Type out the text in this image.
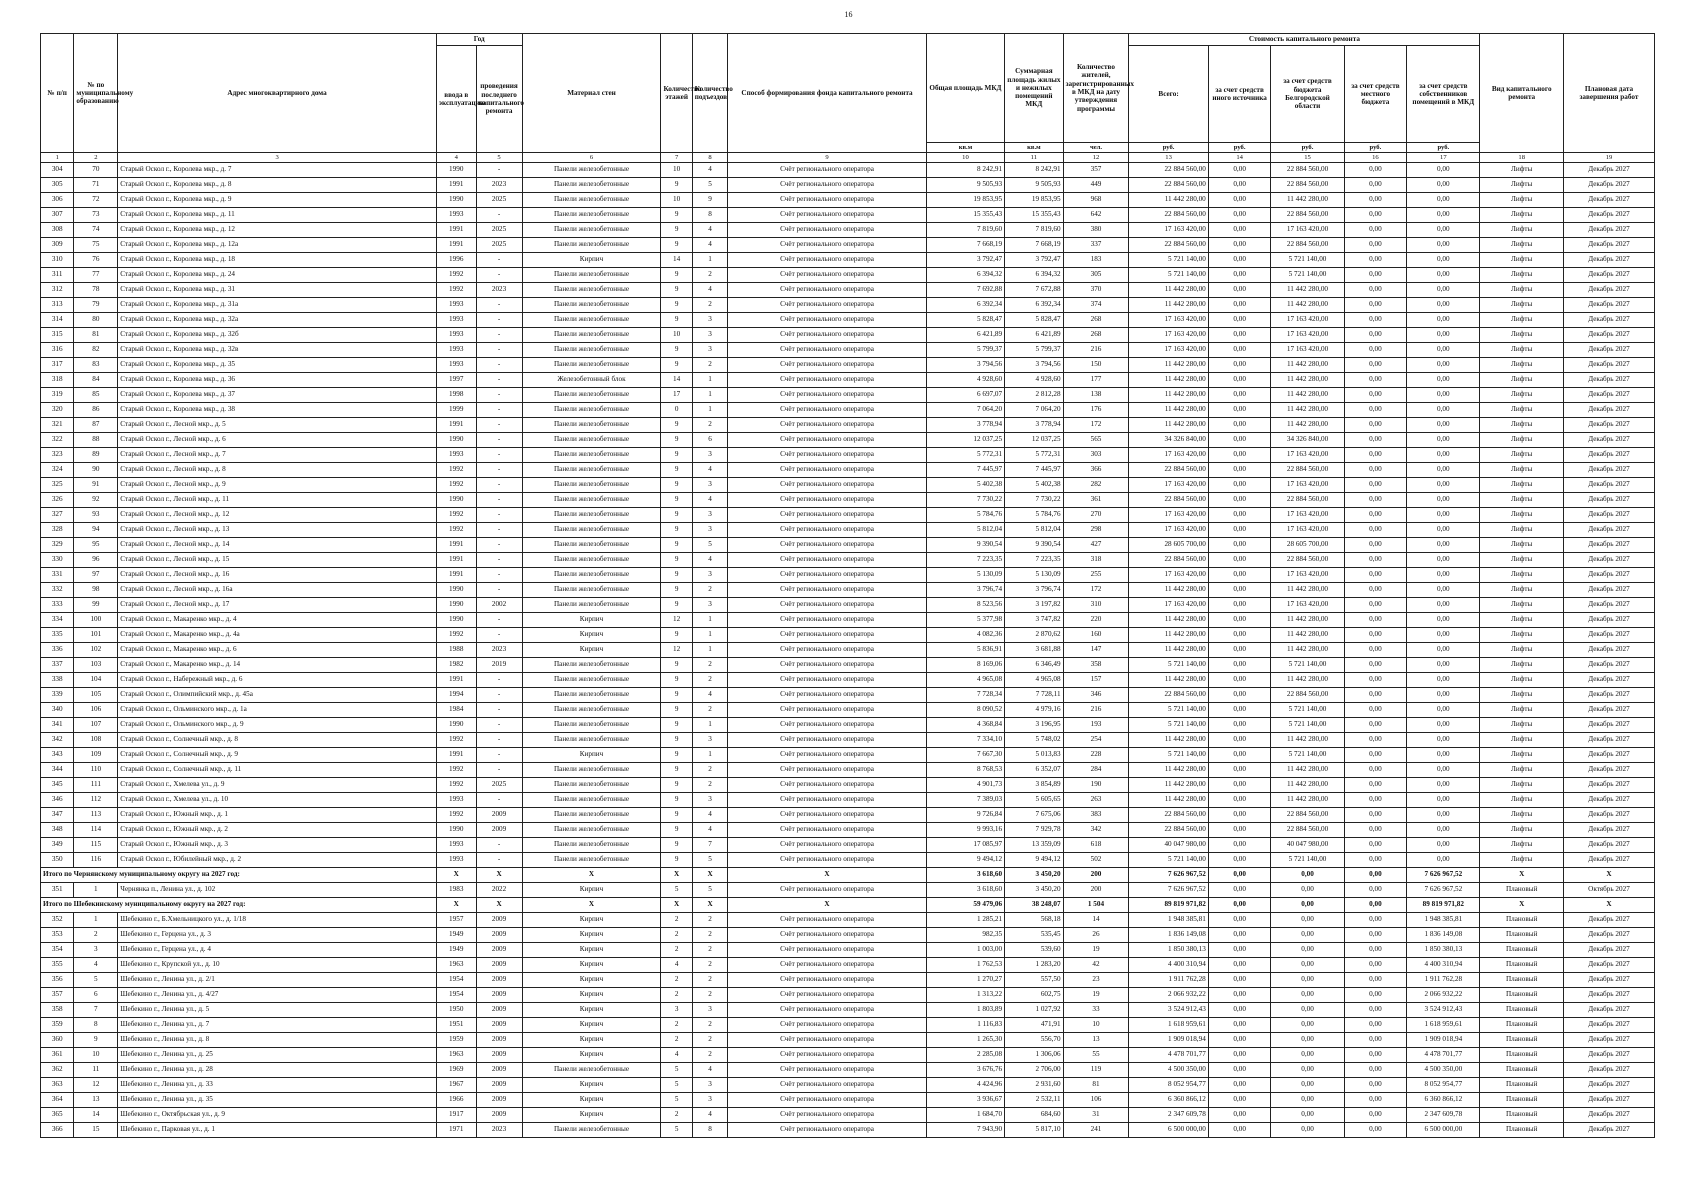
16
№ п/п	№ по муниципальному образованию	Адрес многоквартирного дома	Год		Материал стен	Количество этажей	Количество подъездов	Способ формирования фонда капитального ремонта	Общая площадь МКД	Суммарная площадь жилых и нежилых помещений МКД	Количество жителей, зарегистрированных в МКД на дату утверждения программы	Стоимость капитального ремонта					Вид капитального ремонта	Плановая дата завершения работ
			ввода в эксплуатацию	проведения последнего капитального ремонта								Всего:	за счет средств иного источника	за счет средств бюджета Белгородской области	за счет средств местного бюджета	за счет средств собственников помещений в МКД		
									кв.м	кв.м	чел.	руб.	руб.	руб.	руб.	руб.		
1	2	3	4	5	6	7	8	9	10	11	12	13	14	15	16	17	18	19
304	70	Старый Оскол г., Королева мкр., д. 7	1990	-	Панели железобетонные	10	4	Счёт регионального оператора	8 242,91	8 242,91	357	22 884 560,00	0,00	22 884 560,00	0,00	0,00	Лифты	Декабрь 2027
305	71	Старый Оскол г., Королева мкр., д. 8	1991	2023	Панели железобетонные	9	5	Счёт регионального оператора	9 505,93	9 505,93	449	22 884 560,00	0,00	22 884 560,00	0,00	0,00	Лифты	Декабрь 2027
306	72	Старый Оскол г., Королева мкр., д. 9	1990	2025	Панели железобетонные	10	9	Счёт регионального оператора	19 853,95	19 853,95	968	11 442 280,00	0,00	11 442 280,00	0,00	0,00	Лифты	Декабрь 2027
307	73	Старый Оскол г., Королева мкр., д. 11	1993	-	Панели железобетонные	9	8	Счёт регионального оператора	15 355,43	15 355,43	642	22 884 560,00	0,00	22 884 560,00	0,00	0,00	Лифты	Декабрь 2027
308	74	Старый Оскол г., Королева мкр., д. 12	1991	2025	Панели железобетонные	9	4	Счёт регионального оператора	7 819,60	7 819,60	380	17 163 420,00	0,00	17 163 420,00	0,00	0,00	Лифты	Декабрь 2027
309	75	Старый Оскол г., Королева мкр., д. 12а	1991	2025	Панели железобетонные	9	4	Счёт регионального оператора	7 668,19	7 668,19	337	22 884 560,00	0,00	22 884 560,00	0,00	0,00	Лифты	Декабрь 2027
310	76	Старый Оскол г., Королева мкр., д. 18	1996	-	Кирпич	14	1	Счёт регионального оператора	3 792,47	3 792,47	183	5 721 140,00	0,00	5 721 140,00	0,00	0,00	Лифты	Декабрь 2027
311	77	Старый Оскол г., Королева мкр., д. 24	1992	-	Панели железобетонные	9	2	Счёт регионального оператора	6 394,32	6 394,32	305	5 721 140,00	0,00	5 721 140,00	0,00	0,00	Лифты	Декабрь 2027
312	78	Старый Оскол г., Королева мкр., д. 31	1992	2023	Панели железобетонные	9	4	Счёт регионального оператора	7 692,88	7 672,88	370	11 442 280,00	0,00	11 442 280,00	0,00	0,00	Лифты	Декабрь 2027
313	79	Старый Оскол г., Королева мкр., д. 31а	1993	-	Панели железобетонные	9	2	Счёт регионального оператора	6 392,34	6 392,34	374	11 442 280,00	0,00	11 442 280,00	0,00	0,00	Лифты	Декабрь 2027
314	80	Старый Оскол г., Королева мкр., д. 32а	1993	-	Панели железобетонные	9	3	Счёт регионального оператора	5 828,47	5 828,47	268	17 163 420,00	0,00	17 163 420,00	0,00	0,00	Лифты	Декабрь 2027
315	81	Старый Оскол г., Королева мкр., д. 32б	1993	-	Панели железобетонные	10	3	Счёт регионального оператора	6 421,89	6 421,89	268	17 163 420,00	0,00	17 163 420,00	0,00	0,00	Лифты	Декабрь 2027
316	82	Старый Оскол г., Королева мкр., д. 32в	1993	-	Панели железобетонные	9	3	Счёт регионального оператора	5 799,37	5 799,37	216	17 163 420,00	0,00	17 163 420,00	0,00	0,00	Лифты	Декабрь 2027
317	83	Старый Оскол г., Королева мкр., д. 35	1993	-	Панели железобетонные	9	2	Счёт регионального оператора	3 794,56	3 794,56	150	11 442 280,00	0,00	11 442 280,00	0,00	0,00	Лифты	Декабрь 2027
318	84	Старый Оскол г., Королева мкр., д. 36	1997	-	Железобетонный блок	14	1	Счёт регионального оператора	4 928,60	4 928,60	177	11 442 280,00	0,00	11 442 280,00	0,00	0,00	Лифты	Декабрь 2027
319	85	Старый Оскол г., Королева мкр., д. 37	1998	-	Панели железобетонные	17	1	Счёт регионального оператора	6 697,07	2 812,28	138	11 442 280,00	0,00	11 442 280,00	0,00	0,00	Лифты	Декабрь 2027
320	86	Старый Оскол г., Королева мкр., д. 38	1999	-	Панели железобетонные	0	1	Счёт регионального оператора	7 064,20	7 064,20	176	11 442 280,00	0,00	11 442 280,00	0,00	0,00	Лифты	Декабрь 2027
321	87	Старый Оскол г., Лесной мкр., д. 5	1991	-	Панели железобетонные	9	2	Счёт регионального оператора	3 778,94	3 778,94	172	11 442 280,00	0,00	11 442 280,00	0,00	0,00	Лифты	Декабрь 2027
322	88	Старый Оскол г., Лесной мкр., д. 6	1990	-	Панели железобетонные	9	6	Счёт регионального оператора	12 037,25	12 037,25	565	34 326 840,00	0,00	34 326 840,00	0,00	0,00	Лифты	Декабрь 2027
323	89	Старый Оскол г., Лесной мкр., д. 7	1993	-	Панели железобетонные	9	3	Счёт регионального оператора	5 772,31	5 772,31	303	17 163 420,00	0,00	17 163 420,00	0,00	0,00	Лифты	Декабрь 2027
324	90	Старый Оскол г., Лесной мкр., д. 8	1992	-	Панели железобетонные	9	4	Счёт регионального оператора	7 445,97	7 445,97	366	22 884 560,00	0,00	22 884 560,00	0,00	0,00	Лифты	Декабрь 2027
325	91	Старый Оскол г., Лесной мкр., д. 9	1992	-	Панели железобетонные	9	3	Счёт регионального оператора	5 402,38	5 402,38	282	17 163 420,00	0,00	17 163 420,00	0,00	0,00	Лифты	Декабрь 2027
326	92	Старый Оскол г., Лесной мкр., д. 11	1990	-	Панели железобетонные	9	4	Счёт регионального оператора	7 730,22	7 730,22	361	22 884 560,00	0,00	22 884 560,00	0,00	0,00	Лифты	Декабрь 2027
327	93	Старый Оскол г., Лесной мкр., д. 12	1992	-	Панели железобетонные	9	3	Счёт регионального оператора	5 784,76	5 784,76	270	17 163 420,00	0,00	17 163 420,00	0,00	0,00	Лифты	Декабрь 2027
328	94	Старый Оскол г., Лесной мкр., д. 13	1992	-	Панели железобетонные	9	3	Счёт регионального оператора	5 812,04	5 812,04	298	17 163 420,00	0,00	17 163 420,00	0,00	0,00	Лифты	Декабрь 2027
329	95	Старый Оскол г., Лесной мкр., д. 14	1991	-	Панели железобетонные	9	5	Счёт регионального оператора	9 390,54	9 390,54	427	28 605 700,00	0,00	28 605 700,00	0,00	0,00	Лифты	Декабрь 2027
330	96	Старый Оскол г., Лесной мкр., д. 15	1991	-	Панели железобетонные	9	4	Счёт регионального оператора	7 223,35	7 223,35	318	22 884 560,00	0,00	22 884 560,00	0,00	0,00	Лифты	Декабрь 2027
331	97	Старый Оскол г., Лесной мкр., д. 16	1991	-	Панели железобетонные	9	3	Счёт регионального оператора	5 130,09	5 130,09	255	17 163 420,00	0,00	17 163 420,00	0,00	0,00	Лифты	Декабрь 2027
332	98	Старый Оскол г., Лесной мкр., д. 16а	1990	-	Панели железобетонные	9	2	Счёт регионального оператора	3 796,74	3 796,74	172	11 442 280,00	0,00	11 442 280,00	0,00	0,00	Лифты	Декабрь 2027
333	99	Старый Оскол г., Лесной мкр., д. 17	1990	2002	Панели железобетонные	9	3	Счёт регионального оператора	8 523,56	3 197,82	310	17 163 420,00	0,00	17 163 420,00	0,00	0,00	Лифты	Декабрь 2027
334	100	Старый Оскол г., Макаренко мкр., д. 4	1990	-	Кирпич	12	1	Счёт регионального оператора	5 377,98	3 747,82	220	11 442 280,00	0,00	11 442 280,00	0,00	0,00	Лифты	Декабрь 2027
335	101	Старый Оскол г., Макаренко мкр., д. 4а	1992	-	Кирпич	9	1	Счёт регионального оператора	4 082,36	2 870,62	160	11 442 280,00	0,00	11 442 280,00	0,00	0,00	Лифты	Декабрь 2027
336	102	Старый Оскол г., Макаренко мкр., д. 6	1988	2023	Кирпич	12	1	Счёт регионального оператора	5 836,91	3 681,88	147	11 442 280,00	0,00	11 442 280,00	0,00	0,00	Лифты	Декабрь 2027
337	103	Старый Оскол г., Макаренко мкр., д. 14	1982	2019	Панели железобетонные	9	2	Счёт регионального оператора	8 169,06	6 346,49	358	5 721 140,00	0,00	5 721 140,00	0,00	0,00	Лифты	Декабрь 2027
338	104	Старый Оскол г., Набережный мкр., д. 6	1991	-	Панели железобетонные	9	2	Счёт регионального оператора	4 965,08	4 965,08	157	11 442 280,00	0,00	11 442 280,00	0,00	0,00	Лифты	Декабрь 2027
339	105	Старый Оскол г., Олимпийский мкр., д. 45а	1994	-	Панели железобетонные	9	4	Счёт регионального оператора	7 728,34	7 728,11	346	22 884 560,00	0,00	22 884 560,00	0,00	0,00	Лифты	Декабрь 2027
340	106	Старый Оскол г., Ольминского мкр., д. 1а	1984	-	Панели железобетонные	9	2	Счёт регионального оператора	8 090,52	4 979,16	216	5 721 140,00	0,00	5 721 140,00	0,00	0,00	Лифты	Декабрь 2027
341	107	Старый Оскол г., Ольминского мкр., д. 9	1990	-	Панели железобетонные	9	1	Счёт регионального оператора	4 368,84	3 196,95	193	5 721 140,00	0,00	5 721 140,00	0,00	0,00	Лифты	Декабрь 2027
342	108	Старый Оскол г., Солнечный мкр., д. 8	1992	-	Панели железобетонные	9	3	Счёт регионального оператора	7 334,10	5 748,02	254	11 442 280,00	0,00	11 442 280,00	0,00	0,00	Лифты	Декабрь 2027
343	109	Старый Оскол г., Солнечный мкр., д. 9	1991	-	Кирпич	9	1	Счёт регионального оператора	7 667,30	5 013,83	228	5 721 140,00	0,00	5 721 140,00	0,00	0,00	Лифты	Декабрь 2027
344	110	Старый Оскол г., Солнечный мкр., д. 11	1992	-	Панели железобетонные	9	2	Счёт регионального оператора	8 768,53	6 352,07	284	11 442 280,00	0,00	11 442 280,00	0,00	0,00	Лифты	Декабрь 2027
345	111	Старый Оскол г., Хмелева ул., д. 9	1992	2025	Панели железобетонные	9	2	Счёт регионального оператора	4 901,73	3 854,89	190	11 442 280,00	0,00	11 442 280,00	0,00	0,00	Лифты	Декабрь 2027
346	112	Старый Оскол г., Хмелева ул., д. 10	1993	-	Панели железобетонные	9	3	Счёт регионального оператора	7 389,03	5 605,65	263	11 442 280,00	0,00	11 442 280,00	0,00	0,00	Лифты	Декабрь 2027
347	113	Старый Оскол г., Южный мкр., д. 1	1992	2009	Панели железобетонные	9	4	Счёт регионального оператора	9 726,84	7 675,06	383	22 884 560,00	0,00	22 884 560,00	0,00	0,00	Лифты	Декабрь 2027
348	114	Старый Оскол г., Южный мкр., д. 2	1990	2009	Панели железобетонные	9	4	Счёт регионального оператора	9 993,16	7 929,78	342	22 884 560,00	0,00	22 884 560,00	0,00	0,00	Лифты	Декабрь 2027
349	115	Старый Оскол г., Южный мкр., д. 3	1993	-	Панели железобетонные	9	7	Счёт регионального оператора	17 085,97	13 359,09	618	40 047 980,00	0,00	40 047 980,00	0,00	0,00	Лифты	Декабрь 2027
350	116	Старый Оскол г., Юбилейный мкр., д. 2	1993	-	Панели железобетонные	9	5	Счёт регионального оператора	9 494,12	9 494,12	502	5 721 140,00	0,00	5 721 140,00	0,00	0,00	Лифты	Декабрь 2027
Итого по Чернянскому муниципальному округу на 2027 год:			X	X	X	X	X	X	3 618,60	3 450,20	200	7 626 967,52	0,00	0,00	0,00	7 626 967,52	X	X
351	1	Чернянка п., Ленина ул., д. 102	1983	2022	Кирпич	5	5	Счёт регионального оператора	3 618,60	3 450,20	200	7 626 967,52	0,00	0,00	0,00	7 626 967,52	Плановый	Октябрь 2027
Итого по Шебекинскому муниципальному округу на 2027 год:			X	X	X	X	X	X	59 479,06	38 248,07	1 504	89 819 971,82	0,00	0,00	0,00	89 819 971,82	X	X
352	1	Шебекино г., Б.Хмельницкого ул., д. 1/18	1957	2009	Кирпич	2	2	Счёт регионального оператора	1 285,21	568,18	14	1 948 385,81	0,00	0,00	0,00	1 948 385,81	Плановый	Декабрь 2027
353	2	Шебекино г., Герцена ул., д. 3	1949	2009	Кирпич	2	2	Счёт регионального оператора	982,35	535,45	26	1 836 149,08	0,00	0,00	0,00	1 836 149,08	Плановый	Декабрь 2027
354	3	Шебекино г., Герцена ул., д. 4	1949	2009	Кирпич	2	2	Счёт регионального оператора	1 003,00	539,60	19	1 850 380,13	0,00	0,00	0,00	1 850 380,13	Плановый	Декабрь 2027
355	4	Шебекино г., Крупской ул., д. 10	1963	2009	Кирпич	4	2	Счёт регионального оператора	1 762,53	1 283,20	42	4 400 310,94	0,00	0,00	0,00	4 400 310,94	Плановый	Декабрь 2027
356	5	Шебекино г., Ленина ул., д. 2/1	1954	2009	Кирпич	2	2	Счёт регионального оператора	1 270,27	557,50	23	1 911 762,28	0,00	0,00	0,00	1 911 762,28	Плановый	Декабрь 2027
357	6	Шебекино г., Ленина ул., д. 4/27	1954	2009	Кирпич	2	2	Счёт регионального оператора	1 313,22	602,75	19	2 066 932,22	0,00	0,00	0,00	2 066 932,22	Плановый	Декабрь 2027
358	7	Шебекино г., Ленина ул., д. 5	1950	2009	Кирпич	3	3	Счёт регионального оператора	1 803,89	1 027,92	33	3 524 912,43	0,00	0,00	0,00	3 524 912,43	Плановый	Декабрь 2027
359	8	Шебекино г., Ленина ул., д. 7	1951	2009	Кирпич	2	2	Счёт регионального оператора	1 116,83	471,91	10	1 618 959,61	0,00	0,00	0,00	1 618 959,61	Плановый	Декабрь 2027
360	9	Шебекино г., Ленина ул., д. 8	1959	2009	Кирпич	2	2	Счёт регионального оператора	1 265,30	556,70	13	1 909 018,94	0,00	0,00	0,00	1 909 018,94	Плановый	Декабрь 2027
361	10	Шебекино г., Ленина ул., д. 25	1963	2009	Кирпич	4	2	Счёт регионального оператора	2 285,08	1 306,06	55	4 478 701,77	0,00	0,00	0,00	4 478 701,77	Плановый	Декабрь 2027
362	11	Шебекино г., Ленина ул., д. 28	1969	2009	Панели железобетонные	5	4	Счёт регионального оператора	3 676,76	2 706,00	119	4 500 350,00	0,00	0,00	0,00	4 500 350,00	Плановый	Декабрь 2027
363	12	Шебекино г., Ленина ул., д. 33	1967	2009	Кирпич	5	3	Счёт регионального оператора	4 424,96	2 931,60	81	8 052 954,77	0,00	0,00	0,00	8 052 954,77	Плановый	Декабрь 2027
364	13	Шебекино г., Ленина ул., д. 35	1966	2009	Кирпич	5	3	Счёт регионального оператора	3 936,67	2 532,11	106	6 360 866,12	0,00	0,00	0,00	6 360 866,12	Плановый	Декабрь 2027
365	14	Шебекино г., Октябрьская ул., д. 9	1917	2009	Кирпич	2	4	Счёт регионального оператора	1 684,70	684,60	31	2 347 609,78	0,00	0,00	0,00	2 347 609,78	Плановый	Декабрь 2027
366	15	Шебекино г., Парковая ул., д. 1	1971	2023	Панели железобетонные	5	8	Счёт регионального оператора	7 943,90	5 817,10	241	6 500 000,00	0,00	0,00	0,00	6 500 000,00	Плановый	Декабрь 2027
